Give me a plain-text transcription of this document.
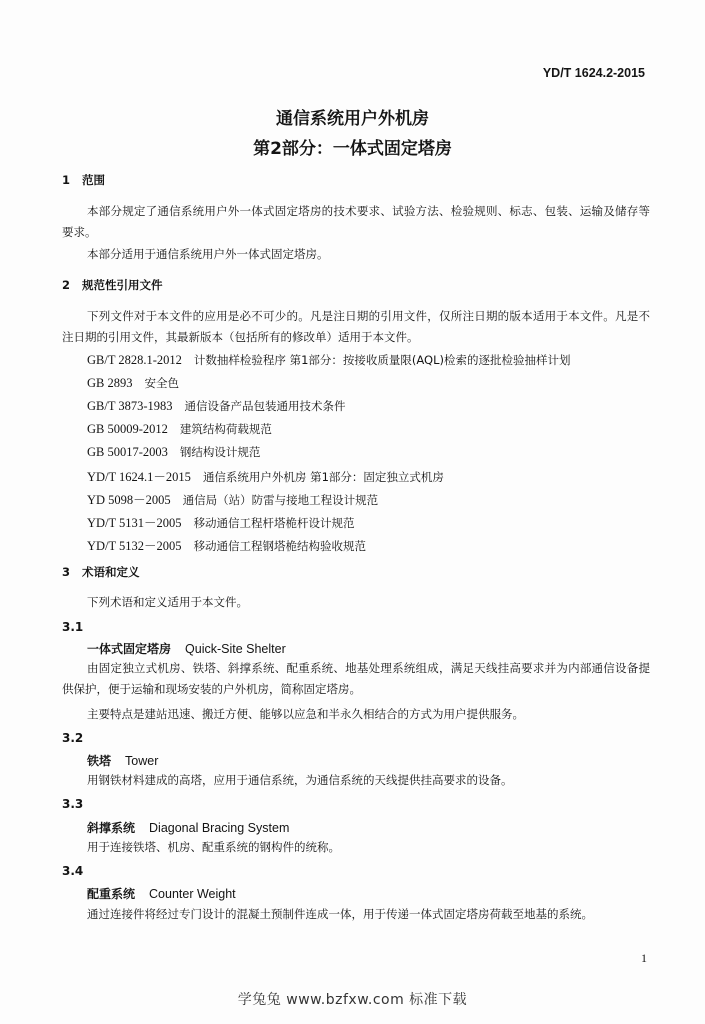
YD/T 1624.2-2015
通信系统用户外机房
第2部分：一体式固定塔房
1 范围
本部分规定了通信系统用户外一体式固定塔房的技术要求、试验方法、检验规则、标志、包装、运输及储存等要求。
本部分适用于通信系统用户外一体式固定塔房。
2 规范性引用文件
下列文件对于本文件的应用是必不可少的。凡是注日期的引用文件，仅所注日期的版本适用于本文件。凡是不注日期的引用文件，其最新版本（包括所有的修改单）适用于本文件。
GB/T 2828.1-2012 计数抽样检验程序 第1部分：按接收质量限(AQL)检索的逐批检验抽样计划
GB 2893 安全色
GB/T 3873-1983 通信设备产品包装通用技术条件
GB 50009-2012 建筑结构荷载规范
GB 50017-2003 钢结构设计规范
YD/T 1624.1－2015 通信系统用户外机房 第1部分：固定独立式机房
YD 5098－2005 通信局（站）防雷与接地工程设计规范
YD/T 5131－2005 移动通信工程杆塔桅杆设计规范
YD/T 5132－2005 移动通信工程钢塔桅结构验收规范
3 术语和定义
下列术语和定义适用于本文件。
3.1
一体式固定塔房 Quick-Site Shelter
由固定独立式机房、铁塔、斜撑系统、配重系统、地基处理系统组成，满足天线挂高要求并为内部通信设备提供保护，便于运输和现场安装的户外机房，简称固定塔房。
主要特点是建站迅速、搬迁方便、能够以应急和半永久相结合的方式为用户提供服务。
3.2
铁塔 Tower
用钢铁材料建成的高塔，应用于通信系统，为通信系统的天线提供挂高要求的设备。
3.3
斜撑系统 Diagonal Bracing System
用于连接铁塔、机房、配重系统的钢构件的统称。
3.4
配重系统 Counter Weight
通过连接件将经过专门设计的混凝土预制件连成一体，用于传递一体式固定塔房荷载至地基的系统。
1
学兔兔 www.bzfxw.com 标准下载
